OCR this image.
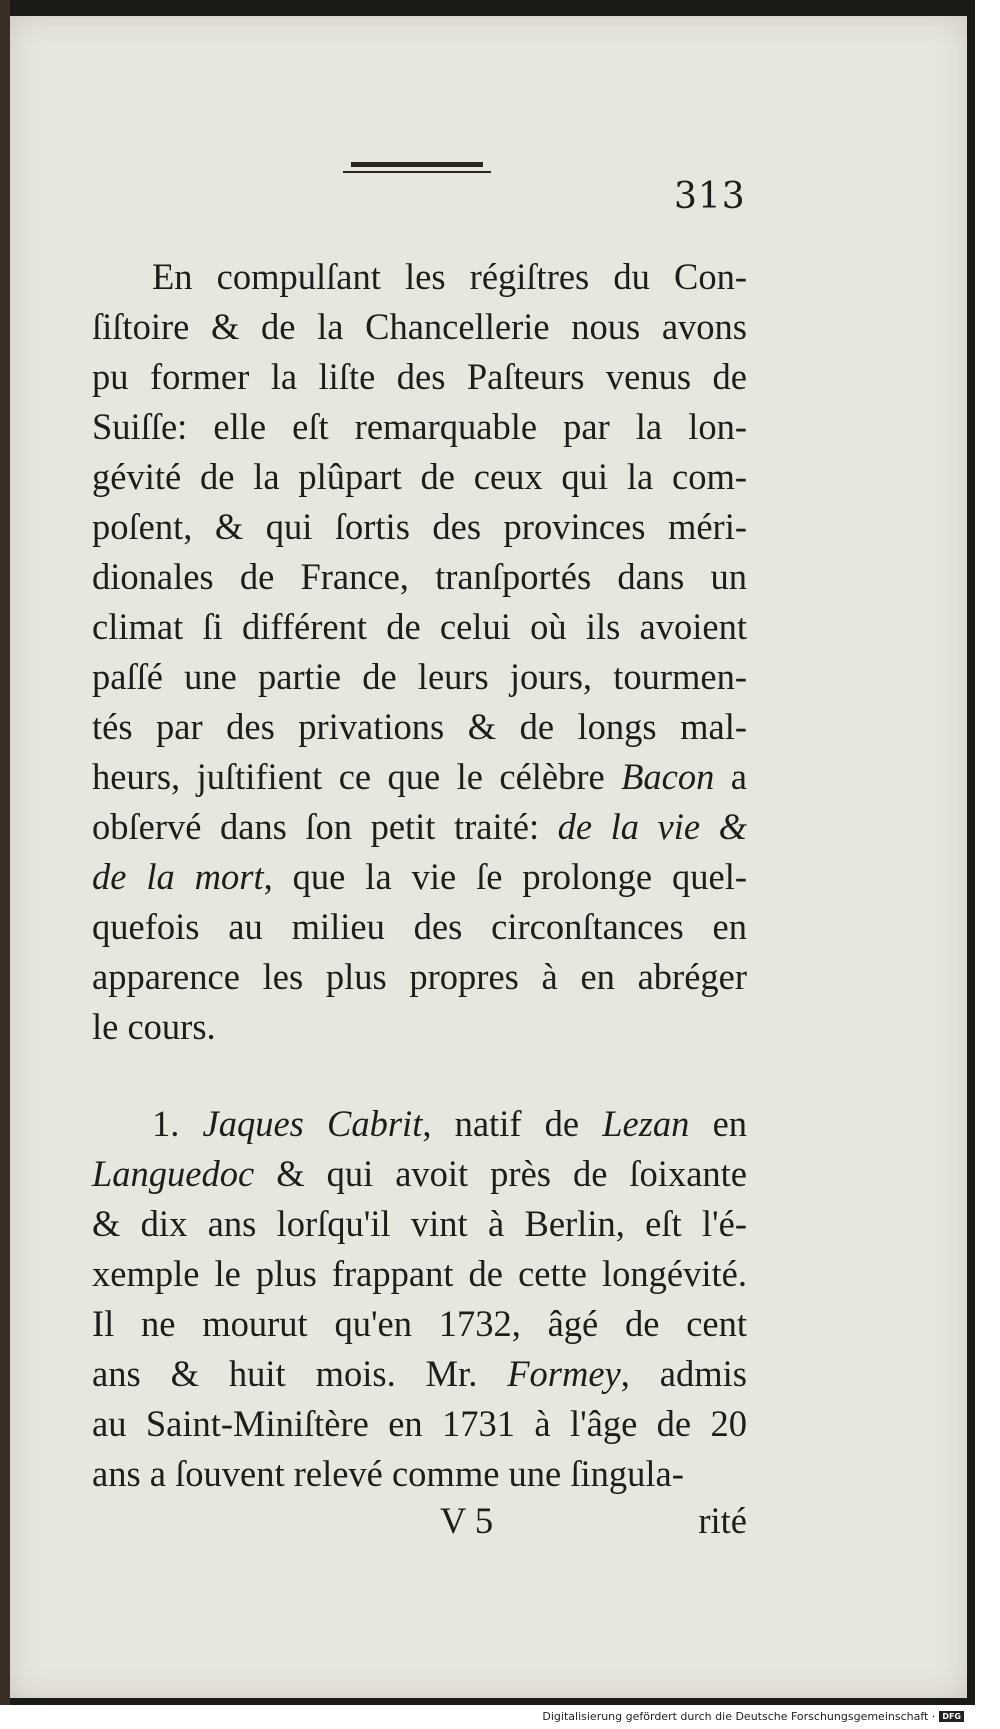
313
En compulſant les régiſtres du Con-
ſiſtoire & de la Chancellerie nous avons
pu former la liſte des Paſteurs venus de
Suiſſe: elle eſt remarquable par la lon-
gévité de la plûpart de ceux qui la com-
poſent, & qui ſortis des provinces méri-
dionales de France, tranſportés dans un
climat ſi différent de celui où ils avoient
paſſé une partie de leurs jours, tourmen-
tés par des privations & de longs mal-
heurs, juſtifient ce que le célèbre Bacon a
obſervé dans ſon petit traité: de la vie &
de la mort, que la vie ſe prolonge quel-
quefois au milieu des circonſtances en
apparence les plus propres à en abréger
le cours.
1. Jaques Cabrit, natif de Lezan en
Languedoc & qui avoit près de ſoixante
& dix ans lorſqu'il vint à Berlin, eſt l'é-
xemple le plus frappant de cette longévité.
Il ne mourut qu'en 1732, âgé de cent
ans & huit mois. Mr. Formey, admis
au Saint-Miniſtère en 1731 à l'âge de 20
ans a ſouvent relevé comme une ſingula-
V 5	rité
Digitalisierung gefördert durch die Deutsche Forschungsgemeinschaft · DFG
